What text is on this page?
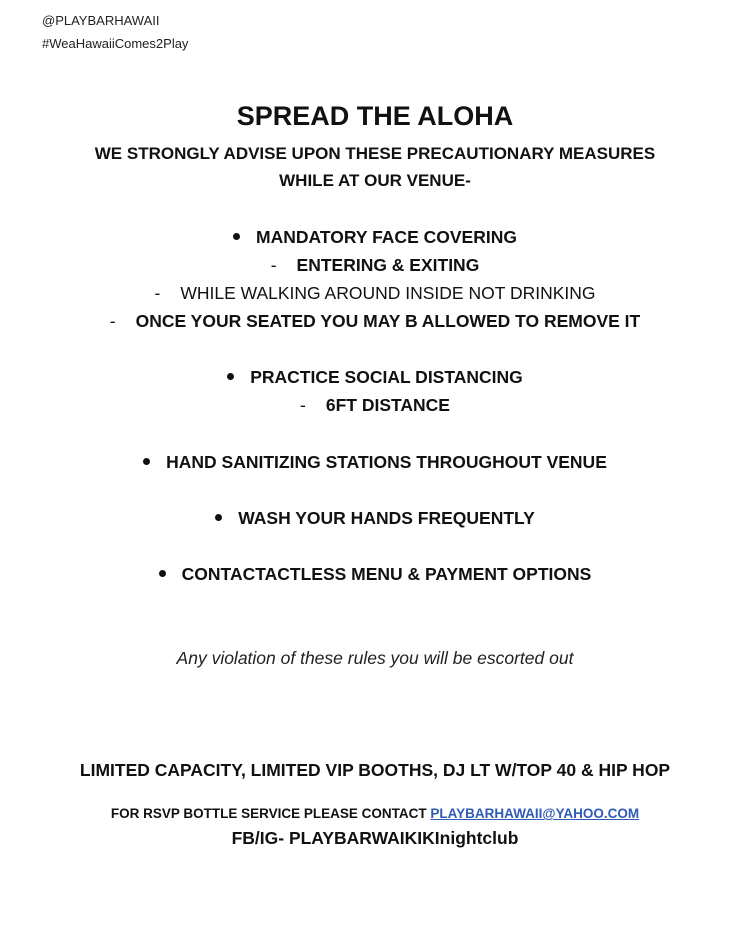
@PLAYBARHAWAII
#WeaHawaiiComes2Play
SPREAD THE ALOHA
WE STRONGLY ADVISE UPON THESE PRECAUTIONARY MEASURES
WHILE AT OUR VENUE-
MANDATORY FACE COVERING
- ENTERING & EXITING
- WHILE WALKING AROUND INSIDE NOT DRINKING
- ONCE YOUR SEATED YOU MAY B ALLOWED TO REMOVE IT
PRACTICE SOCIAL DISTANCING
- 6FT DISTANCE
HAND SANITIZING STATIONS THROUGHOUT VENUE
WASH YOUR HANDS FREQUENTLY
CONTACTACTLESS MENU & PAYMENT OPTIONS
Any violation of these rules you will be escorted out
LIMITED CAPACITY, LIMITED VIP BOOTHS, DJ LT W/TOP 40 & HIP HOP
FOR RSVP BOTTLE SERVICE PLEASE CONTACT PLAYBARHAWAII@YAHOO.COM
FB/IG- PLAYBARWAIKIKInightclub
